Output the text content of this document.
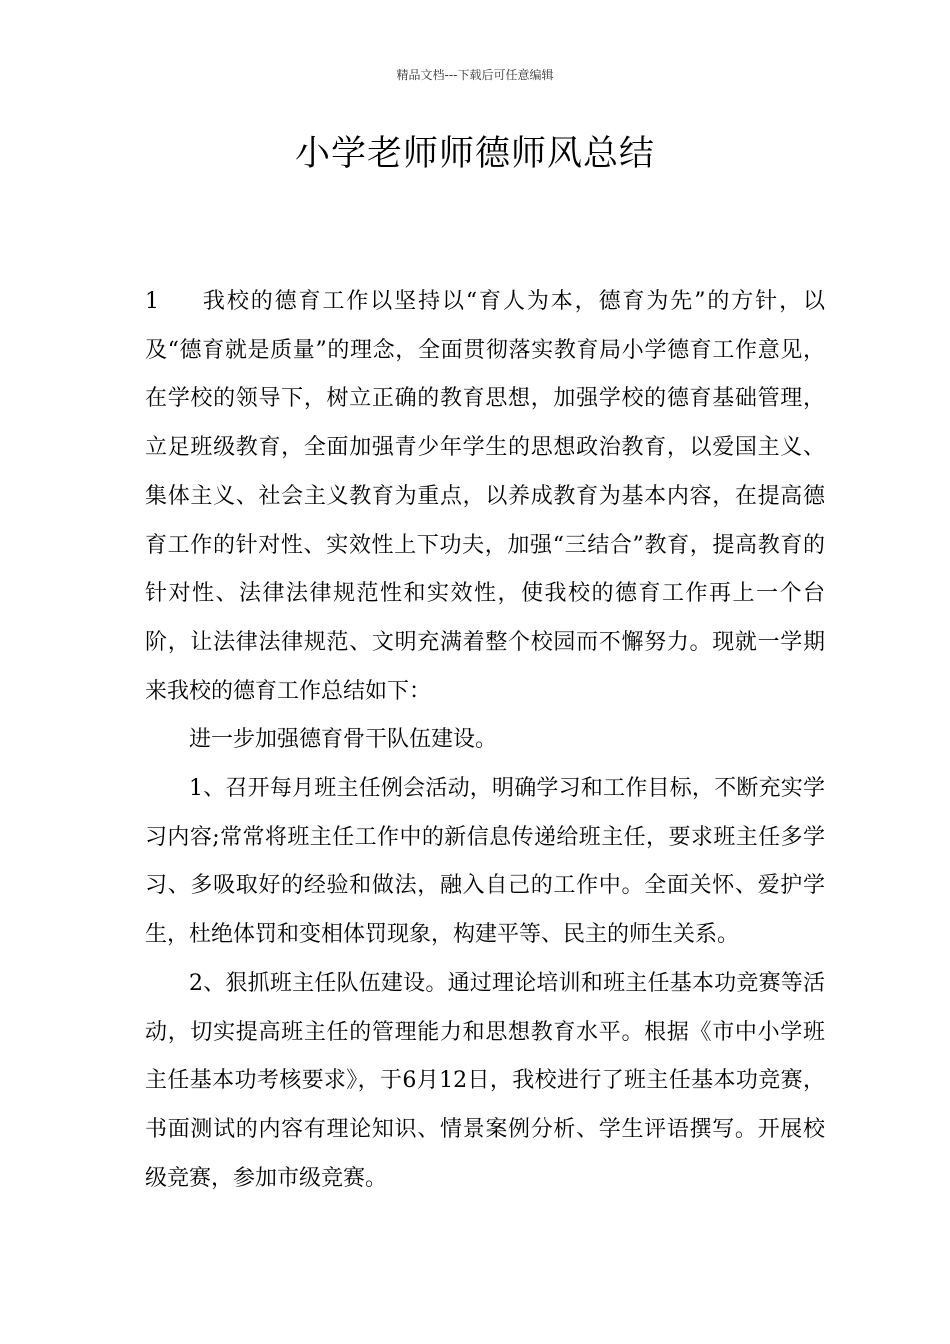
精品文档---下载后可任意编辑
小学老师师德师风总结

1 我校的德育工作以坚持以“育人为本，德育为先”的方针，以及“德育就是质量”的理念，全面贯彻落实教育局小学德育工作意见，在学校的领导下，树立正确的教育思想，加强学校的德育基础管理，立足班级教育，全面加强青少年学生的思想政治教育，以爱国主义、集体主义、社会主义教育为重点，以养成教育为基本内容，在提高德育工作的针对性、实效性上下功夫，加强“三结合”教育，提高教育的针对性、法律法律规范性和实效性，使我校的德育工作再上一个台阶，让法律法律规范、文明充满着整个校园而不懈努力。现就一学期来我校的德育工作总结如下：

进一步加强德育骨干队伍建设。

1、召开每月班主任例会活动，明确学习和工作目标，不断充实学习内容;常常将班主任工作中的新信息传递给班主任，要求班主任多学习、多吸取好的经验和做法，融入自己的工作中。全面关怀、爱护学生，杜绝体罚和变相体罚现象，构建平等、民主的师生关系。

2、狠抓班主任队伍建设。通过理论培训和班主任基本功竞赛等活动，切实提高班主任的管理能力和思想教育水平。根据《市中小学班主任基本功考核要求》，于6月12日，我校进行了班主任基本功竞赛，书面测试的内容有理论知识、情景案例分析、学生评语撰写。开展校级竞赛，参加市级竞赛。
